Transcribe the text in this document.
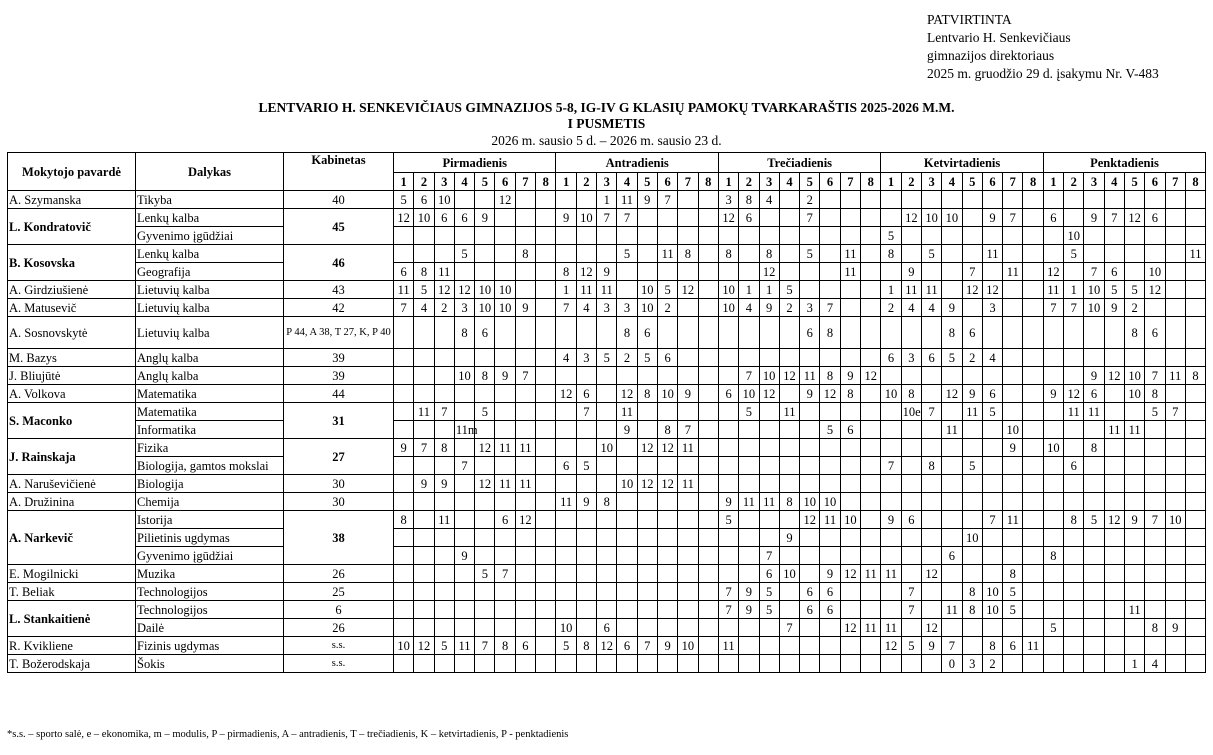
PATVIRTINTA
Lentvario H. Senkevičiaus
gimnazijos direktoriaus
2025 m. gruodžio 29 d. įsakymu Nr. V-483
LENTVARIO H. SENKEVIČIAUS GIMNAZIJOS 5-8, IG-IV G KLASIŲ PAMOKŲ TVARKARAŠTIS 2025-2026 M.M.
I PUSMETIS
2026 m. sausio 5 d. – 2026 m. sausio 23 d.
Mokytojo pavardė	Dalykas	Kabinetas	Pirmadienis								Antradienis								Trečiadienis								Ketvirtadienis								Penktadienis								
			1	2	3	4	5	6	7	8	1	2	3	4	5	6	7	8	1	2	3	4	5	6	7	8	1	2	3	4	5	6	7	8	1	2	3	4	5	6	7	8	
A. Szymanska	Tikyba	40	5	6	10			12					1	11	9	7			3	8	4		2																				
L. Kondratovič	Lenkų kalba	45	12	10	6	6	9				9	10	7	7					12	6			7					12	10	10		9	7		6		9	7	12	6			
	Gyvenimo įgūdžiai																										5									10							
B. Kosovska	Lenkų kalba	46				5			8					5		11	8		8		8		5		11		8		5			11				5						11	
	Geografija		6	8	11						8	12	9								12				11			9			7		11		12		7	6		10			
A. Girdziušienė	Lietuvių kalba	43	11	5	12	12	10	10			1	11	11		10	5	12		10	1	1	5					1	11	11		12	12			11	1	10	5	5	12			
A. Matusevič	Lietuvių kalba	42	7	4	2	3	10	10	9		7	4	3	3	10	2			10	4	9	2	3	7			2	4	4	9		3			7	7	10	9	2				
A. Sosnovskytė	Lietuvių kalba	P 44, A 38, T 27, K, P 40				8	6							8	6								6	8						8	6								8	6			
M. Bazys	Anglų kalba	39									4	3	5	2	5	6											6	3	6	5	2	4											
J. Bliujūtė	Anglų kalba	39				10	8	9	7											7	10	12	11	8	9	12											9	12	10	7	11	8	
A. Volkova	Matematika	44									12	6		12	8	10	9		6	10	12		9	12	8		10	8		12	9	6			9	12	6		10	8			
S. Maconko	Matematika	31		11	7		5					7		11						5		11						10e	7		11	5				11	11			5	7		
	Informatika					11m								9		8	7							5	6					11			10					11	11				
J. Rainskaja	Fizika	27	9	7	8		12	11	11				10		12	12	11																9		10		8						
	Biologija, gamtos mokslai					7					6	5															7		8		5					6							
A. Naruševičienė	Biologija	30		9	9		12	11	11					10	12	12	11																										
A. Družinina	Chemija	30									11	9	8						9	11	11	8	10	10																			
A. Narkevič	Istorija	38	8		11			6	12										5				12	11	10		9	6				7	11			8	5	12	9	7	10		
	Pilietinis ugdymas																					9									10												
	Gyvenimo įgūdžiai					9															7									6					8								
E. Mogilnicki	Muzika	26					5	7													6	10		9	12	11	11		12				8										
T. Beliak	Technologijos	25																	7	9	5		6	6				7			8	10	5										
L. Stankaitienė	Technologijos	6																	7	9	5		6	6				7		11	8	10	5						11				
	Dailė	26									10		6									7			12	11	11		12						5					8	9		
R. Kvikliene	Fizinis ugdymas	s.s.	10	12	5	11	7	8	6		5	8	12	6	7	9	10		11								12	5	9	7		8	6	11									
T. Božerodskaja	Šokis	s.s.																												0	3	2							1	4			
*s.s. – sporto salė, e – ekonomika, m – modulis, P – pirmadienis, A – antradienis, T – trečiadienis, K – ketvirtadienis, P - penktadienis
